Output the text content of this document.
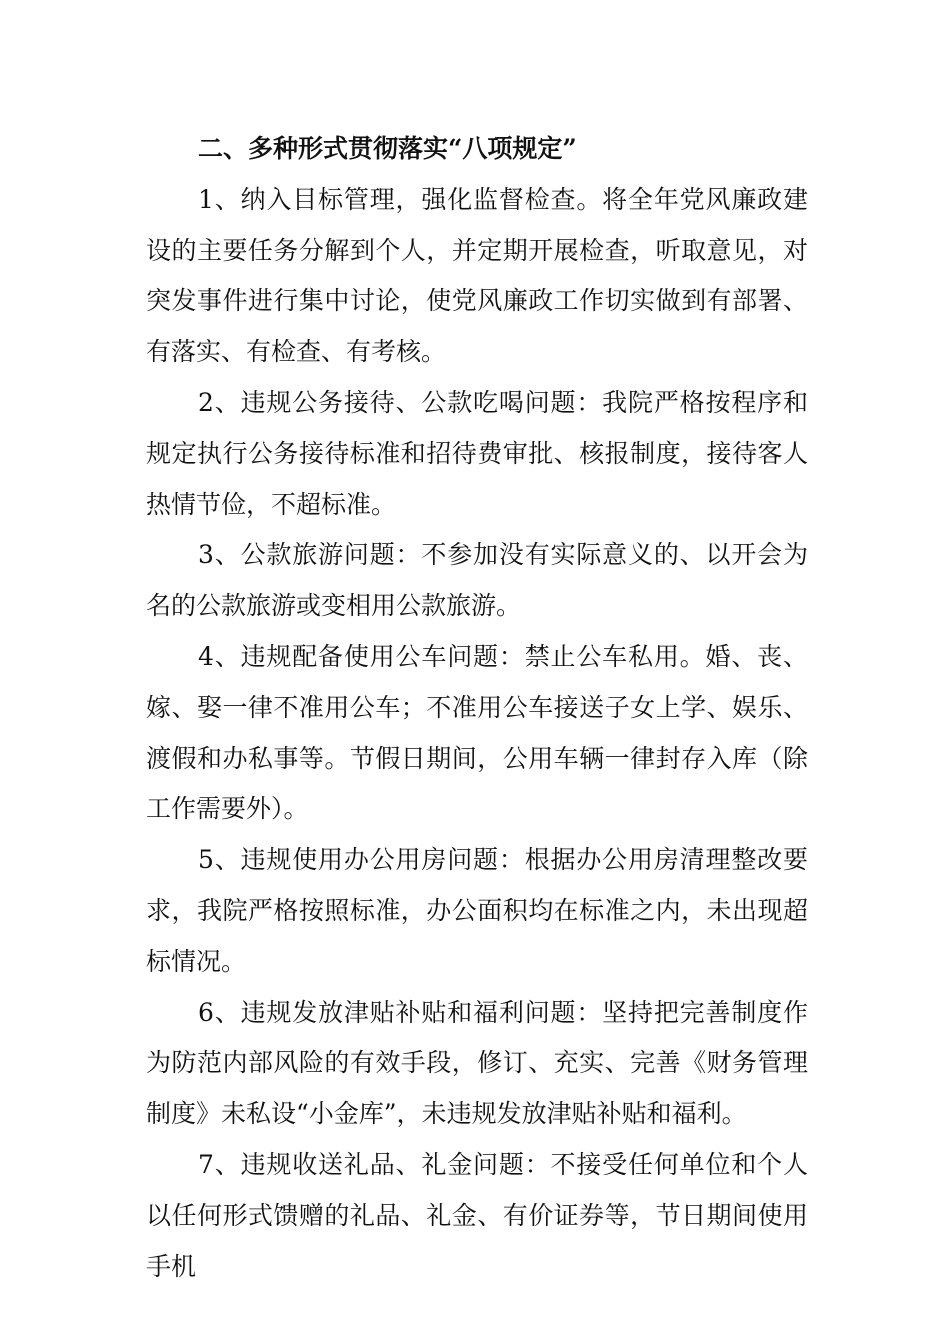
二、多种形式贯彻落实“八项规定”

1、纳入目标管理，强化监督检查。将全年党风廉政建设的主要任务分解到个人，并定期开展检查，听取意见，对突发事件进行集中讨论，使党风廉政工作切实做到有部署、有落实、有检查、有考核。

2、违规公务接待、公款吃喝问题：我院严格按程序和规定执行公务接待标准和招待费审批、核报制度，接待客人热情节俭，不超标准。

3、公款旅游问题：不参加没有实际意义的、以开会为名的公款旅游或变相用公款旅游。

4、违规配备使用公车问题：禁止公车私用。婚、丧、嫁、娶一律不准用公车；不准用公车接送子女上学、娱乐、渡假和办私事等。节假日期间，公用车辆一律封存入库（除工作需要外）。

5、违规使用办公用房问题：根据办公用房清理整改要求，我院严格按照标准，办公面积均在标准之内，未出现超标情况。

6、违规发放津贴补贴和福利问题：坚持把完善制度作为防范内部风险的有效手段，修订、充实、完善《财务管理制度》未私设“小金库”，未违规发放津贴补贴和福利。

7、违规收送礼品、礼金问题：不接受任何单位和个人以任何形式馈赠的礼品、礼金、有价证券等，节日期间使用手机
